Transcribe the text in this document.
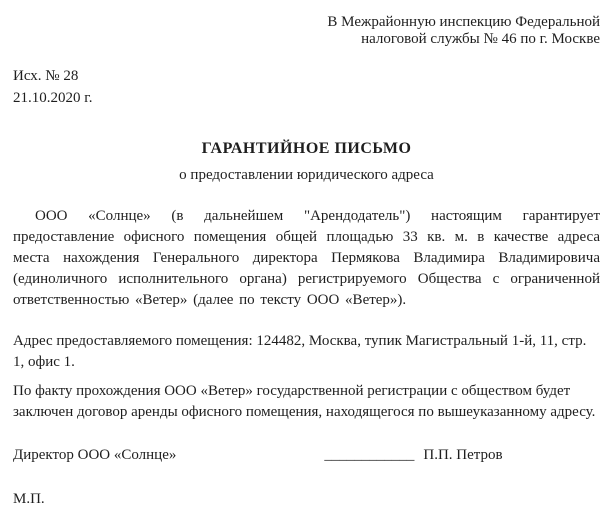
В Межрайонную инспекцию Федеральной
налоговой службы № 46 по г. Москве
Исх. № 28
21.10.2020 г.
ГАРАНТИЙНОЕ ПИСЬМО
о предоставлении юридического адреса
ООО «Солнце» (в дальнейшем "Арендодатель") настоящим гарантирует предоставление офисного помещения общей площадью 33 кв. м. в качестве адреса места нахождения Генерального директора Пермякова Владимира Владимировича (единоличного исполнительного органа) регистрируемого Общества с ограниченной ответственностью «Ветер» (далее по тексту ООО «Ветер»).
Адрес предоставляемого помещения: 124482, Москва, тупик Магистральный 1-й, 11, стр. 1, офис 1.
По факту прохождения ООО «Ветер» государственной регистрации с обществом будет заключен договор аренды офисного помещения, находящегося по вышеуказанному адресу.
Директор ООО «Солнце»	____________ П.П. Петров
М.П.
